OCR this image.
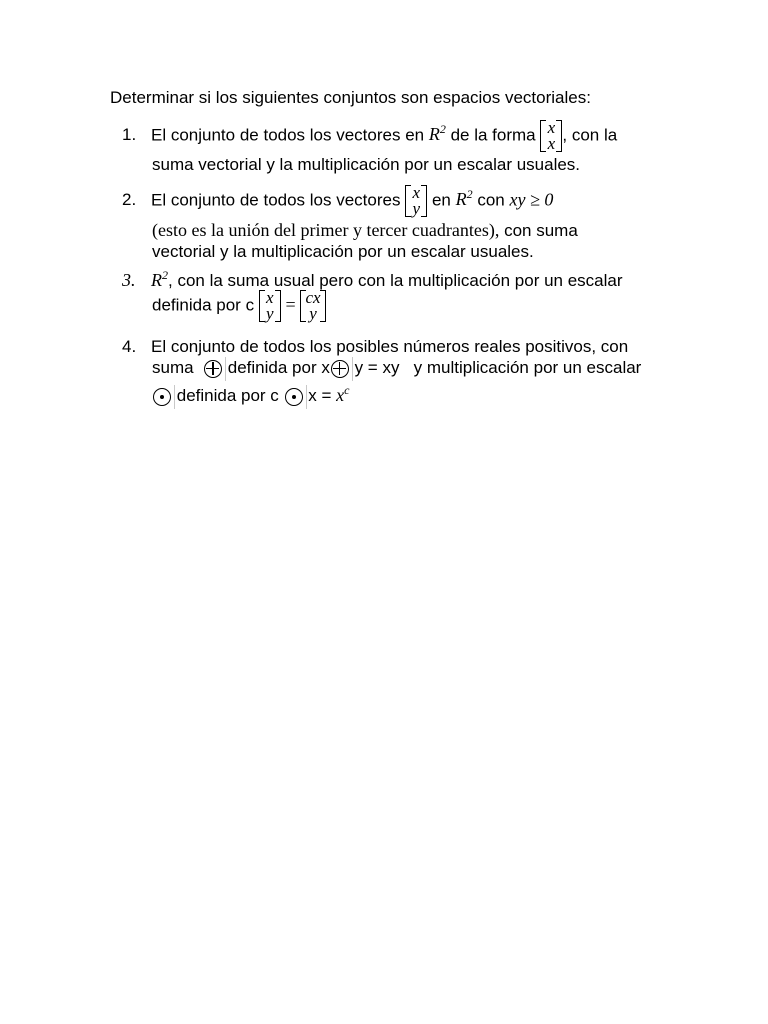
Determinar si los siguientes conjuntos son espacios vectoriales:
1. El conjunto de todos los vectores en $R^2$ de la forma x
x , con la
suma vectorial y la multiplicación por un escalar usuales.
2. El conjunto de todos los vectores x
y en $R^2$ con xy ≥ 0
(esto es la unión del primer y tercer cuadrantes), con suma
vectorial y la multiplicación por un escalar usuales.
3. $R^2$, con la suma usual pero con la multiplicación por un escalar
definida por c x
y = cx
y
4. El conjunto de todos los posibles números reales positivos, con
suma definida por x y = xy y multiplicación por un escalar
definida por c $x = x^c$
